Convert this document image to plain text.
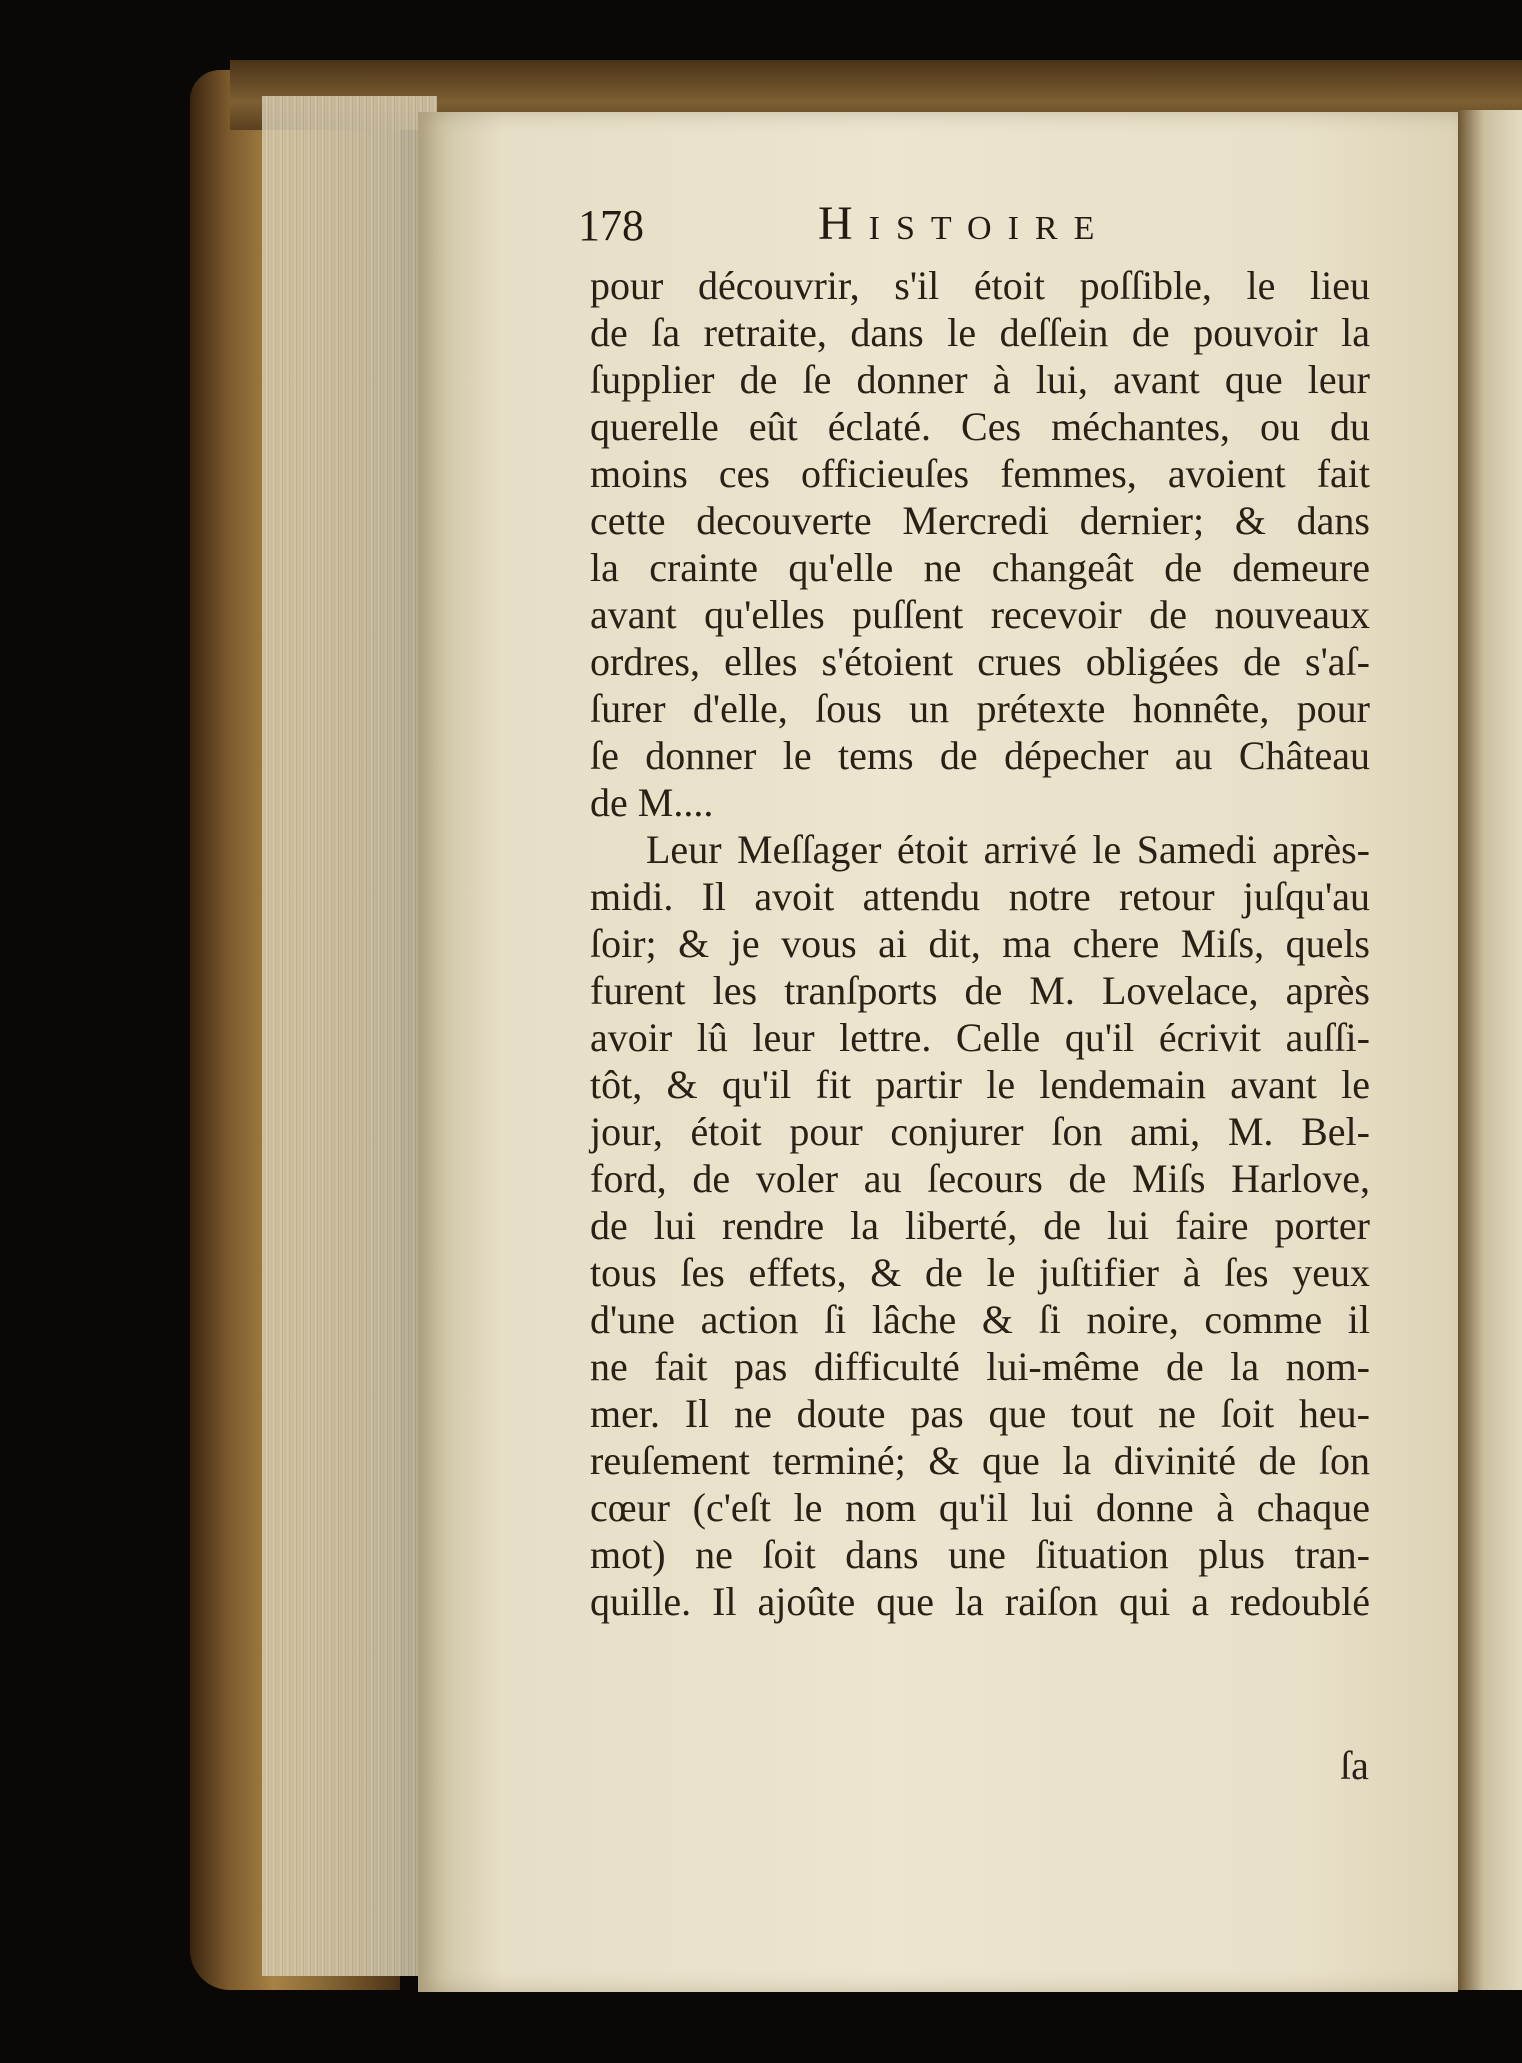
178	Histoire
pour découvrir, s'il étoit poſſible, le lieu
de ſa retraite, dans le deſſein de pouvoir la
ſupplier de ſe donner à lui, avant que leur
querelle eût éclaté. Ces méchantes, ou du
moins ces officieuſes femmes, avoient fait
cette decouverte Mercredi dernier; & dans
la crainte qu'elle ne changeât de demeure
avant qu'elles puſſent recevoir de nouveaux
ordres, elles s'étoient crues obligées de s'aſ-
ſurer d'elle, ſous un prétexte honnête, pour
ſe donner le tems de dépecher au Château
de M....
Leur Meſſager étoit arrivé le Samedi après-
midi. Il avoit attendu notre retour juſqu'au
ſoir; & je vous ai dit, ma chere Miſs, quels
furent les tranſports de M. Lovelace, après
avoir lû leur lettre. Celle qu'il écrivit auſſi-
tôt, & qu'il fit partir le lendemain avant le
jour, étoit pour conjurer ſon ami, M. Bel-
ford, de voler au ſecours de Miſs Harlove,
de lui rendre la liberté, de lui faire porter
tous ſes effets, & de le juſtifier à ſes yeux
d'une action ſi lâche & ſi noire, comme il
ne fait pas difficulté lui-même de la nom-
mer. Il ne doute pas que tout ne ſoit heu-
reuſement terminé; & que la divinité de ſon
cœur (c'eſt le nom qu'il lui donne à chaque
mot) ne ſoit dans une ſituation plus tran-
quille. Il ajoûte que la raiſon qui a redoublé
ſa
